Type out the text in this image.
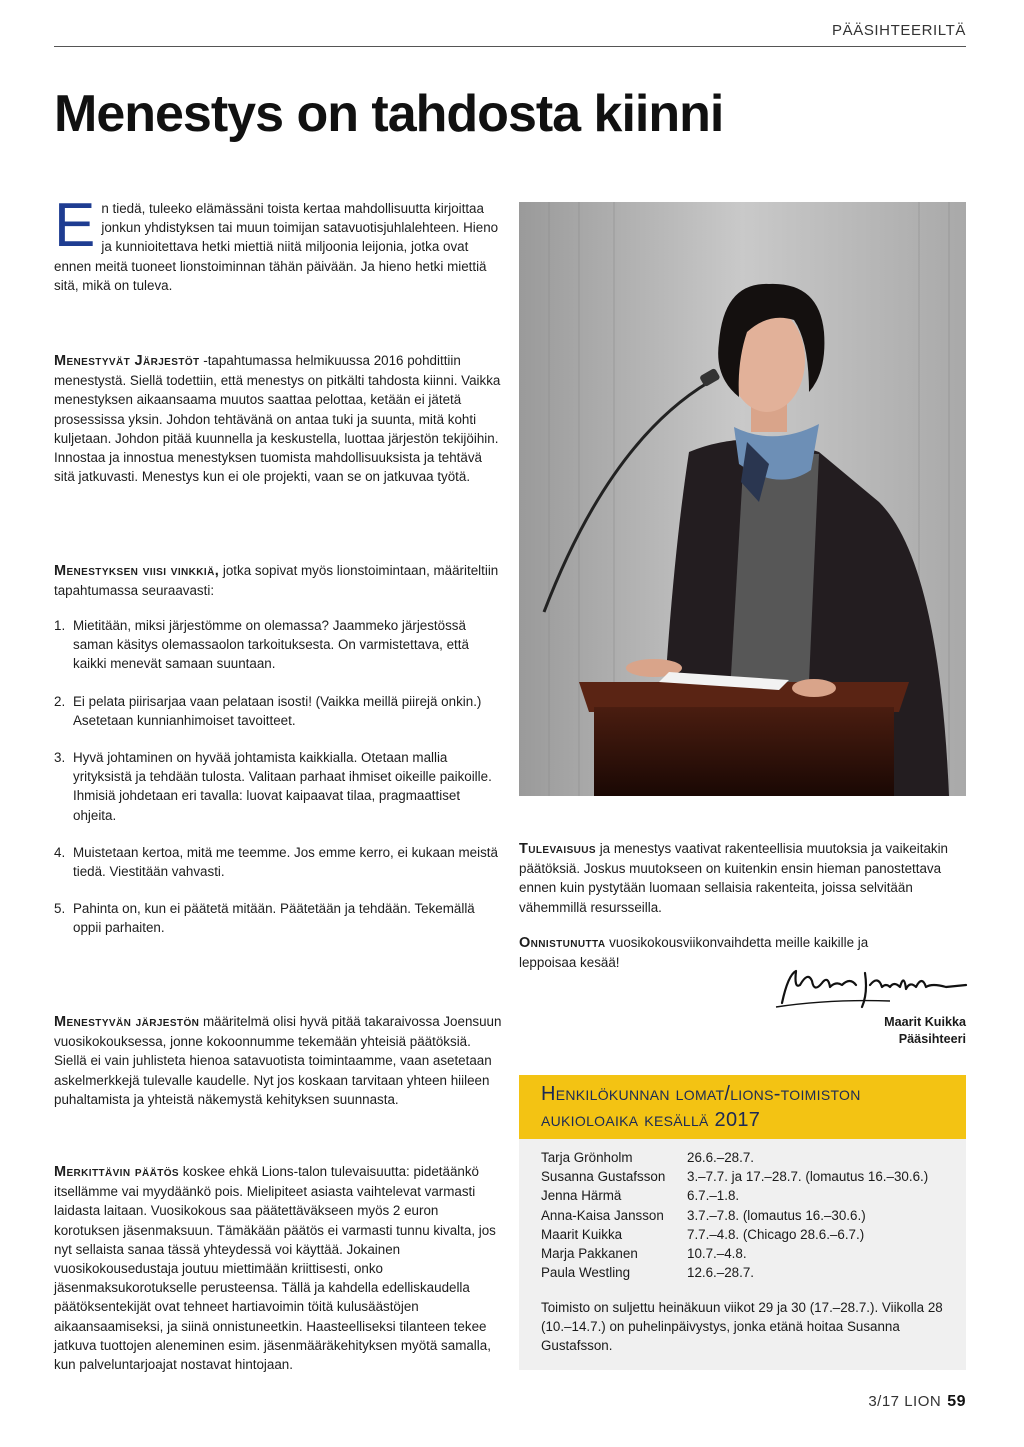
PÄÄSIHTEERILTÄ
Menestys on tahdosta kiinni

En tiedä, tuleeko elämässäni toista kertaa mahdollisuutta kirjoittaa jonkun yhdistyksen tai muun toimijan satavuotisjuhlalehteen. Hieno ja kunnioitettava hetki miettiä niitä miljoonia leijonia, jotka ovat ennen meitä tuoneet lionstoiminnan tähän päivään. Ja hieno hetki miettiä sitä, mikä on tuleva.

Menestyvät Järjestöt -tapahtumassa helmikuussa 2016 pohdittiin menestystä. Siellä todettiin, että menestys on pitkälti tahdosta kiinni. Vaikka menestyksen aikaansaama muutos saattaa pelottaa, ketään ei jätetä prosessissa yksin. Johdon tehtävänä on antaa tuki ja suunta, mitä kohti kuljetaan. Johdon pitää kuunnella ja keskustella, luottaa järjestön tekijöihin. Innostaa ja innostua menestyksen tuomista mahdollisuuksista ja tehtävä sitä jatkuvasti. Menestys kun ei ole projekti, vaan se on jatkuvaa työtä.

Menestyksen viisi vinkkiä, jotka sopivat myös lionstoimintaan, määriteltiin tapahtumassa seuraavasti:

1. Mietitään, miksi järjestömme on olemassa? Jaammeko järjestössä saman käsitys olemassaolon tarkoituksesta. On varmistettava, että kaikki menevät samaan suuntaan.
2. Ei pelata piirisarjaa vaan pelataan isosti! (Vaikka meillä piirejä onkin.) Asetetaan kunnianhimoiset tavoitteet.
3. Hyvä johtaminen on hyvää johtamista kaikkialla. Otetaan mallia yrityksistä ja tehdään tulosta. Valitaan parhaat ihmiset oikeille paikoille. Ihmisiä johdetaan eri tavalla: luovat kaipaavat tilaa, pragmaattiset ohjeita.
4. Muistetaan kertoa, mitä me teemme. Jos emme kerro, ei kukaan meistä tiedä. Viestitään vahvasti.
5. Pahinta on, kun ei päätetä mitään. Päätetään ja tehdään. Tekemällä oppii parhaiten.

Menestyvän järjestön määritelmä olisi hyvä pitää takaraivossa Joensuun vuosikokouksessa, jonne kokoonnumme tekemään yhteisiä päätöksiä. Siellä ei vain juhlisteta hienoa satavuotista toimintaamme, vaan asetetaan askelmerkkejä tulevalle kaudelle. Nyt jos koskaan tarvitaan yhteen hiileen puhaltamista ja yhteistä näkemystä kehityksen suunnasta.

Merkittävin päätös koskee ehkä Lions-talon tulevaisuutta: pidetäänkö itsellämme vai myydäänkö pois. Mielipiteet asiasta vaihtelevat varmasti laidasta laitaan. Vuosikokous saa päätettäväkseen myös 2 euron korotuksen jäsenmaksuun. Tämäkään päätös ei varmasti tunnu kivalta, jos nyt sellaista sanaa tässä yhteydessä voi käyttää. Jokainen vuosikokousedustaja joutuu miettimään kriittisesti, onko jäsenmaksukorotukselle perusteensa. Tällä ja kahdella edelliskaudella päätöksentekijät ovat tehneet hartiavoimin töitä kulusäästöjen aikaansaamiseksi, ja siinä onnistuneetkin. Haasteelliseksi tilanteen tekee jatkuva tuottojen aleneminen esim. jäsenmääräkehityksen myötä samalla, kun palveluntarjoajat nostavat hintojaan.

Tulevaisuus ja menestys vaativat rakenteellisia muutoksia ja vaikeitakin päätöksiä. Joskus muutokseen on kuitenkin ensin hieman panostettava ennen kuin pystytään luomaan sellaisia rakenteita, joissa selvitään vähemmillä resursseilla.

Onnistunutta vuosikokousviikonvaihdetta meille kaikille ja leppoisaa kesää!

Maarit Kuikka
Pääsihteeri
Henkilökunnan lomat/lions-toimiston
aukioloaika kesällä 2017
Tarja Grönholm	26.6.–28.7.
Susanna Gustafsson	3.–7.7. ja 17.–28.7. (lomautus 16.–30.6.)
Jenna Härmä	6.7.–1.8.
Anna-Kaisa Jansson	3.7.–7.8. (lomautus 16.–30.6.)
Maarit Kuikka	7.7.–4.8. (Chicago 28.6.–6.7.)
Marja Pakkanen	10.7.–4.8.
Paula Westling	12.6.–28.7.
Toimisto on suljettu heinäkuun viikot 29 ja 30 (17.–28.7.). Viikolla 28 (10.–14.7.) on puhelinpäivystys, jonka etänä hoitaa Susanna Gustafsson.
3/17 LION 59
